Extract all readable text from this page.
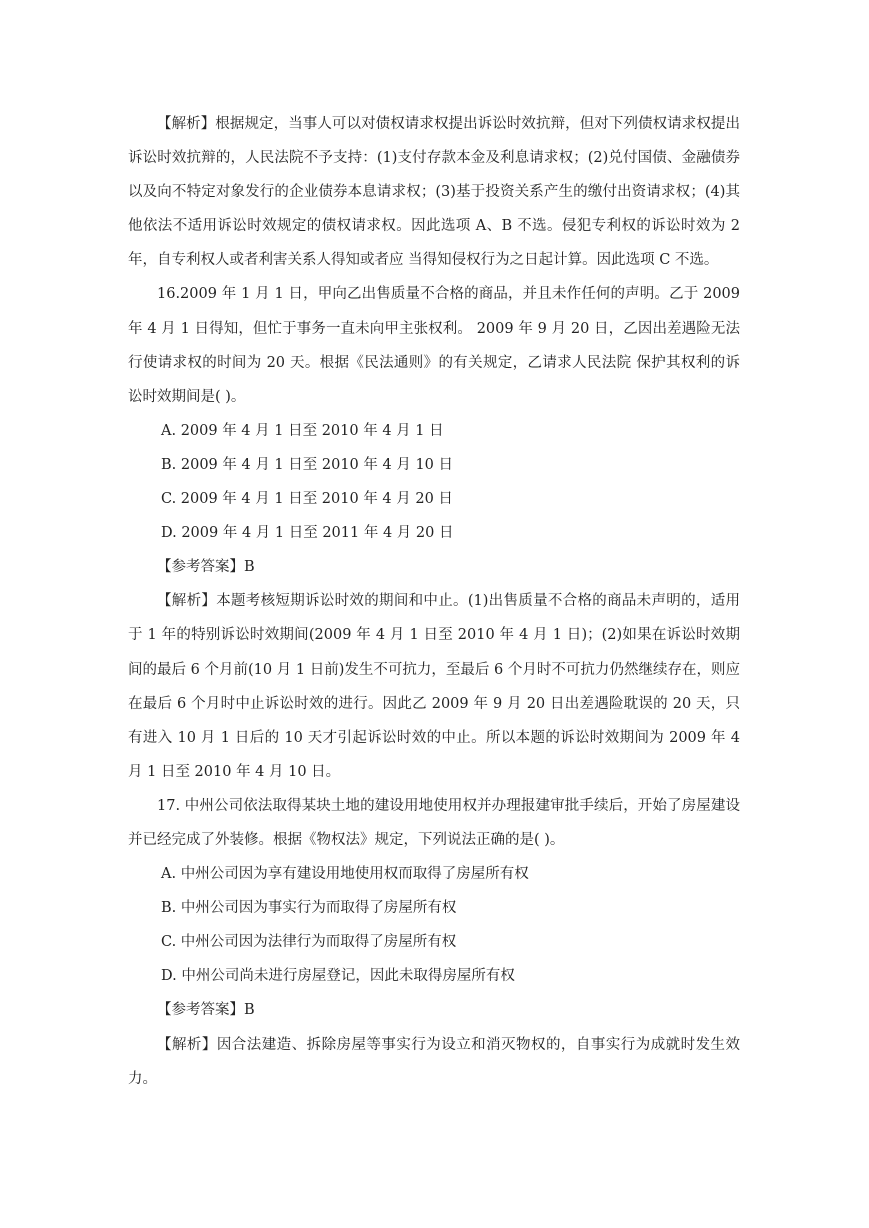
【解析】根据规定，当事人可以对债权请求权提出诉讼时效抗辩，但对下列债权请求权提出诉讼时效抗辩的，人民法院不予支持：(1)支付存款本金及利息请求权；(2)兑付国债、金融债券以及向不特定对象发行的企业债券本息请求权；(3)基于投资关系产生的缴付出资请求权；(4)其他依法不适用诉讼时效规定的债权请求权。因此选项 A、B 不选。侵犯专利权的诉讼时效为 2 年，自专利权人或者利害关系人得知或者应 当得知侵权行为之日起计算。因此选项 C 不选。

16.2009 年 1 月 1 日，甲向乙出售质量不合格的商品，并且未作任何的声明。乙于 2009 年 4 月 1 日得知，但忙于事务一直未向甲主张权利。 2009 年 9 月 20 日，乙因出差遇险无法行使请求权的时间为 20 天。根据《民法通则》的有关规定，乙请求人民法院 保护其权利的诉讼时效期间是( )。

A. 2009 年 4 月 1 日至 2010 年 4 月 1 日

B. 2009 年 4 月 1 日至 2010 年 4 月 10 日

C. 2009 年 4 月 1 日至 2010 年 4 月 20 日

D. 2009 年 4 月 1 日至 2011 年 4 月 20 日

【参考答案】B

【解析】本题考核短期诉讼时效的期间和中止。(1)出售质量不合格的商品未声明的，适用于 1 年的特别诉讼时效期间(2009 年 4 月 1 日至 2010 年 4 月 1 日)；(2)如果在诉讼时效期间的最后 6 个月前(10 月 1 日前)发生不可抗力，至最后 6 个月时不可抗力仍然继续存在，则应在最后 6 个月时中止诉讼时效的进行。因此乙 2009 年 9 月 20 日出差遇险耽误的 20 天，只有进入 10 月 1 日后的 10 天才引起诉讼时效的中止。所以本题的诉讼时效期间为 2009 年 4 月 1 日至 2010 年 4 月 10 日。

17. 中州公司依法取得某块土地的建设用地使用权并办理报建审批手续后，开始了房屋建设并已经完成了外装修。根据《物权法》规定，下列说法正确的是( )。

A. 中州公司因为享有建设用地使用权而取得了房屋所有权

B. 中州公司因为事实行为而取得了房屋所有权

C. 中州公司因为法律行为而取得了房屋所有权

D. 中州公司尚未进行房屋登记，因此未取得房屋所有权

【参考答案】B

【解析】因合法建造、拆除房屋等事实行为设立和消灭物权的，自事实行为成就时发生效力。
